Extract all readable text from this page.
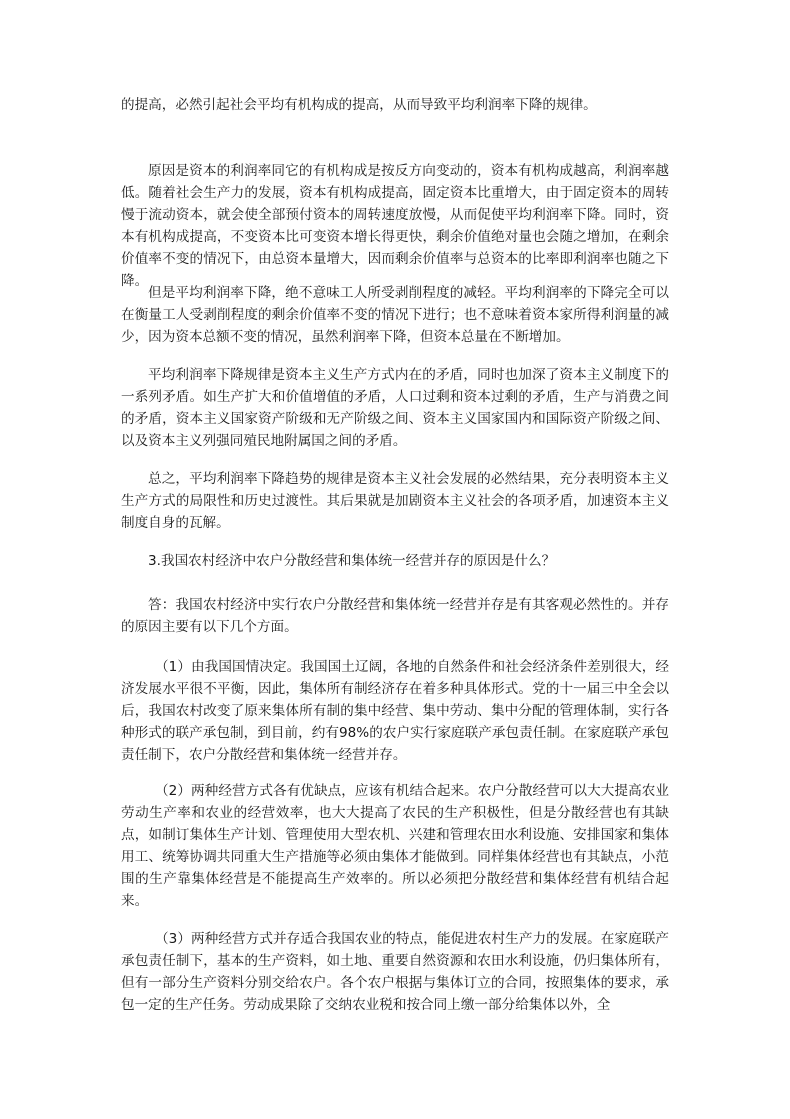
的提高，必然引起社会平均有机构成的提高，从而导致平均利润率下降的规律。

原因是资本的利润率同它的有机构成是按反方向变动的，资本有机构成越高，利润率越低。随着社会生产力的发展，资本有机构成提高，固定资本比重增大，由于固定资本的周转慢于流动资本，就会使全部预付资本的周转速度放慢，从而促使平均利润率下降。同时，资本有机构成提高，不变资本比可变资本增长得更快，剩余价值绝对量也会随之增加，在剩余价值率不变的情况下，由总资本量增大，因而剩余价值率与总资本的比率即利润率也随之下降。

但是平均利润率下降，绝不意味工人所受剥削程度的减轻。平均利润率的下降完全可以在衡量工人受剥削程度的剩余价值率不变的情况下进行；也不意味着资本家所得利润量的减少，因为资本总额不变的情况，虽然利润率下降，但资本总量在不断增加。

平均利润率下降规律是资本主义生产方式内在的矛盾，同时也加深了资本主义制度下的一系列矛盾。如生产扩大和价值增值的矛盾，人口过剩和资本过剩的矛盾，生产与消费之间的矛盾，资本主义国家资产阶级和无产阶级之间、资本主义国家国内和国际资产阶级之间、以及资本主义列强同殖民地附属国之间的矛盾。

总之，平均利润率下降趋势的规律是资本主义社会发展的必然结果，充分表明资本主义生产方式的局限性和历史过渡性。其后果就是加剧资本主义社会的各项矛盾，加速资本主义制度自身的瓦解。

3.我国农村经济中农户分散经营和集体统一经营并存的原因是什么？

答：我国农村经济中实行农户分散经营和集体统一经营并存是有其客观必然性的。并存的原因主要有以下几个方面。

（1）由我国国情决定。我国国土辽阔，各地的自然条件和社会经济条件差别很大，经济发展水平很不平衡，因此，集体所有制经济存在着多种具体形式。党的十一届三中全会以后，我国农村改变了原来集体所有制的集中经营、集中劳动、集中分配的管理体制，实行各种形式的联产承包制，到目前，约有98%的农户实行家庭联产承包责任制。在家庭联产承包责任制下，农户分散经营和集体统一经营并存。

（2）两种经营方式各有优缺点，应该有机结合起来。农户分散经营可以大大提高农业劳动生产率和农业的经营效率，也大大提高了农民的生产积极性，但是分散经营也有其缺点，如制订集体生产计划、管理使用大型农机、兴建和管理农田水利设施、安排国家和集体用工、统筹协调共同重大生产措施等必须由集体才能做到。同样集体经营也有其缺点，小范围的生产靠集体经营是不能提高生产效率的。所以必须把分散经营和集体经营有机结合起来。

（3）两种经营方式并存适合我国农业的特点，能促进农村生产力的发展。在家庭联产承包责任制下，基本的生产资料，如土地、重要自然资源和农田水利设施，仍归集体所有，但有一部分生产资料分别交给农户。各个农户根据与集体订立的合同，按照集体的要求，承包一定的生产任务。劳动成果除了交纳农业税和按合同上缴一部分给集体以外，全
